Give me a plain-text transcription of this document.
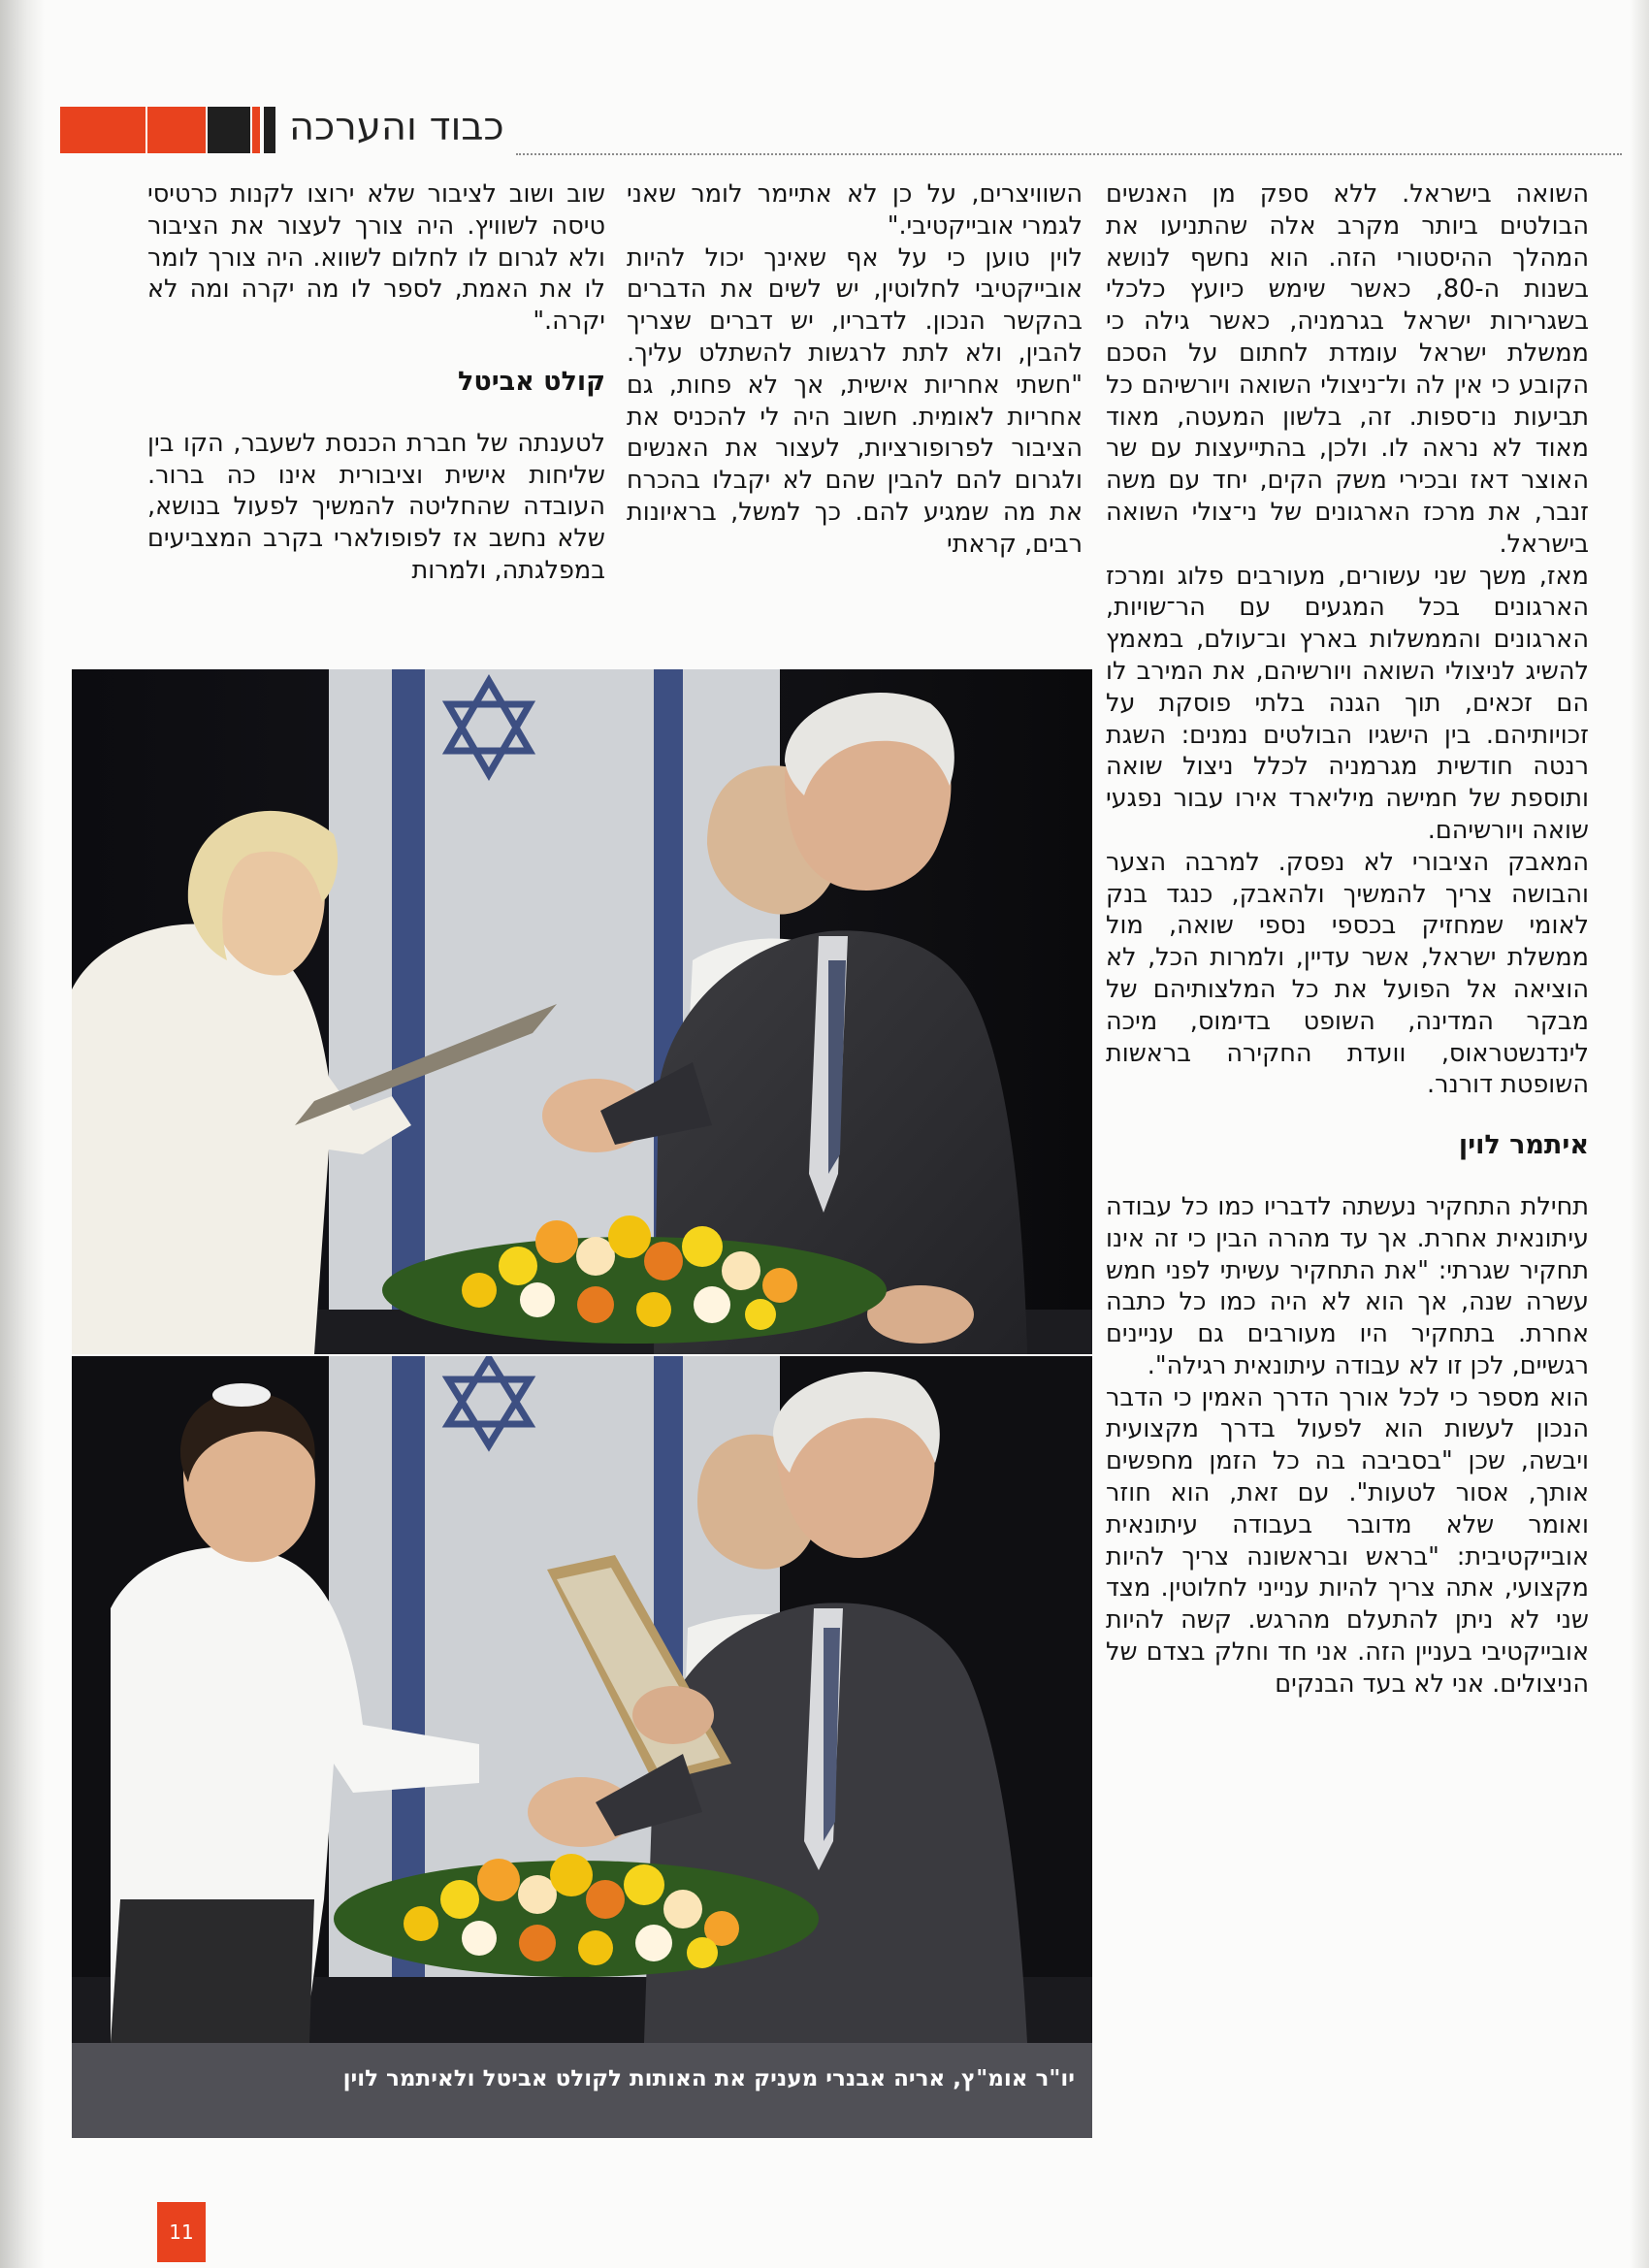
כבוד והערכה

השואה בישראל. ללא ספק מן האנשים הבולטים ביותר מקרב אלה שהתניעו את המהלך ההיסטורי הזה. הוא נחשף לנושא בשנות ה-80, כאשר שימש כיועץ כלכלי בשגרירות ישראל בגרמניה, כאשר גילה כי ממשלת ישראל עומדת לחתום על הסכם הקובע כי אין לה ול־ניצולי השואה ויורשיהם כל תביעות נו־ספות. זה, בלשון המעטה, מאוד מאוד לא נראה לו. ולכן, בהתייעצות עם שר האוצר דאז ובכירי משק הקים, יחד עם משה זנבר, את מרכז הארגונים של ני־צולי השואה בישראל.

מאז, משך שני עשורים, מעורבים פלוג ומרכז הארגונים בכל המגעים עם הר־שויות, הארגונים והממשלות בארץ וב־עולם, במאמץ להשיג לניצולי השואה ויורשיהם, את המירב לו הם זכאים, תוך הגנה בלתי פוסקת על זכויותיהם. בין הישגיו הבולטים נמנים: השגת רנטה חודשית מגרמניה לכלל ניצול שואה ותוספת של חמישה מיליארד אירו עבור נפגעי שואה ויורשיהם.

המאבק הציבורי לא נפסק. למרבה הצער והבושה צריך להמשיך ולהאבק, כנגד בנק לאומי שמחזיק בכספי נספי שואה, מול ממשלת ישראל, אשר עדיין, ולמרות הכל, לא הוציאה אל הפועל את כל המלצותיהם של מבקר המדינה, השופט בדימוס, מיכה לינדנשטראוס, וועדת החקירה בראשות השופטת דורנר.

איתמר לוין

תחילת התחקיר נעשתה לדבריו כמו כל עבודה עיתונאית אחרת. אך עד מהרה הבין כי זה אינו תחקיר שגרתי: "את התחקיר עשיתי לפני חמש עשרה שנה, אך הוא לא היה כמו כל כתבה אחרת. בתחקיר היו מעורבים גם עניינים רגשיים, לכן זו לא עבודה עיתונאית רגילה".

הוא מספר כי לכל אורך הדרך האמין כי הדבר הנכון לעשות הוא לפעול בדרך מקצועית ויבשה, שכן "בסביבה בה כל הזמן מחפשים אותך, אסור לטעות". עם זאת, הוא חוזר ואומר שלא מדובר בעבודה עיתונאית אובייקטיבית: "בראש ובראשונה צריך להיות מקצועי, אתה צריך להיות ענייני לחלוטין. מצד שני לא ניתן להתעלם מהרגש. קשה להיות אובייקטיבי בעניין הזה. אני חד וחלק בצדם של הניצולים. אני לא בעד הבנקים

השוויצרים, על כן לא אתיימר לומר שאני לגמרי אובייקטיבי."

לוין טוען כי על אף שאינך יכול להיות אובייקטיבי לחלוטין, יש לשים את הדברים בהקשר הנכון. לדבריו, יש דברים שצריך להבין, ולא לתת לרגשות להשתלט עליך. "חשתי אחריות אישית, אך לא פחות, גם אחריות לאומית. חשוב היה לי להכניס את הציבור לפרופורציות, לעצור את האנשים ולגרום להם להבין שהם לא יקבלו בהכרח את מה שמגיע להם. כך למשל, בראיונות רבים, קראתי

שוב ושוב לציבור שלא ירוצו לקנות כרטיסי טיסה לשוויץ. היה צורך לעצור את הציבור ולא לגרום לו לחלום לשווא. היה צורך לומר לו את האמת, לספר לו מה יקרה ומה לא יקרה."

קולט אביטל

לטענתה של חברת הכנסת לשעבר, הקו בין שליחות אישית וציבורית אינו כה ברור. העובדה שהחליטה להמשיך לפעול בנושא, שלא נחשב אז לפופולארי בקרב המצביעים במפלגתה, ולמרות

יו"ר אומ"ץ, אריה אבנרי מעניק את האותות לקולט אביטל ולאיתמר לוין
11
